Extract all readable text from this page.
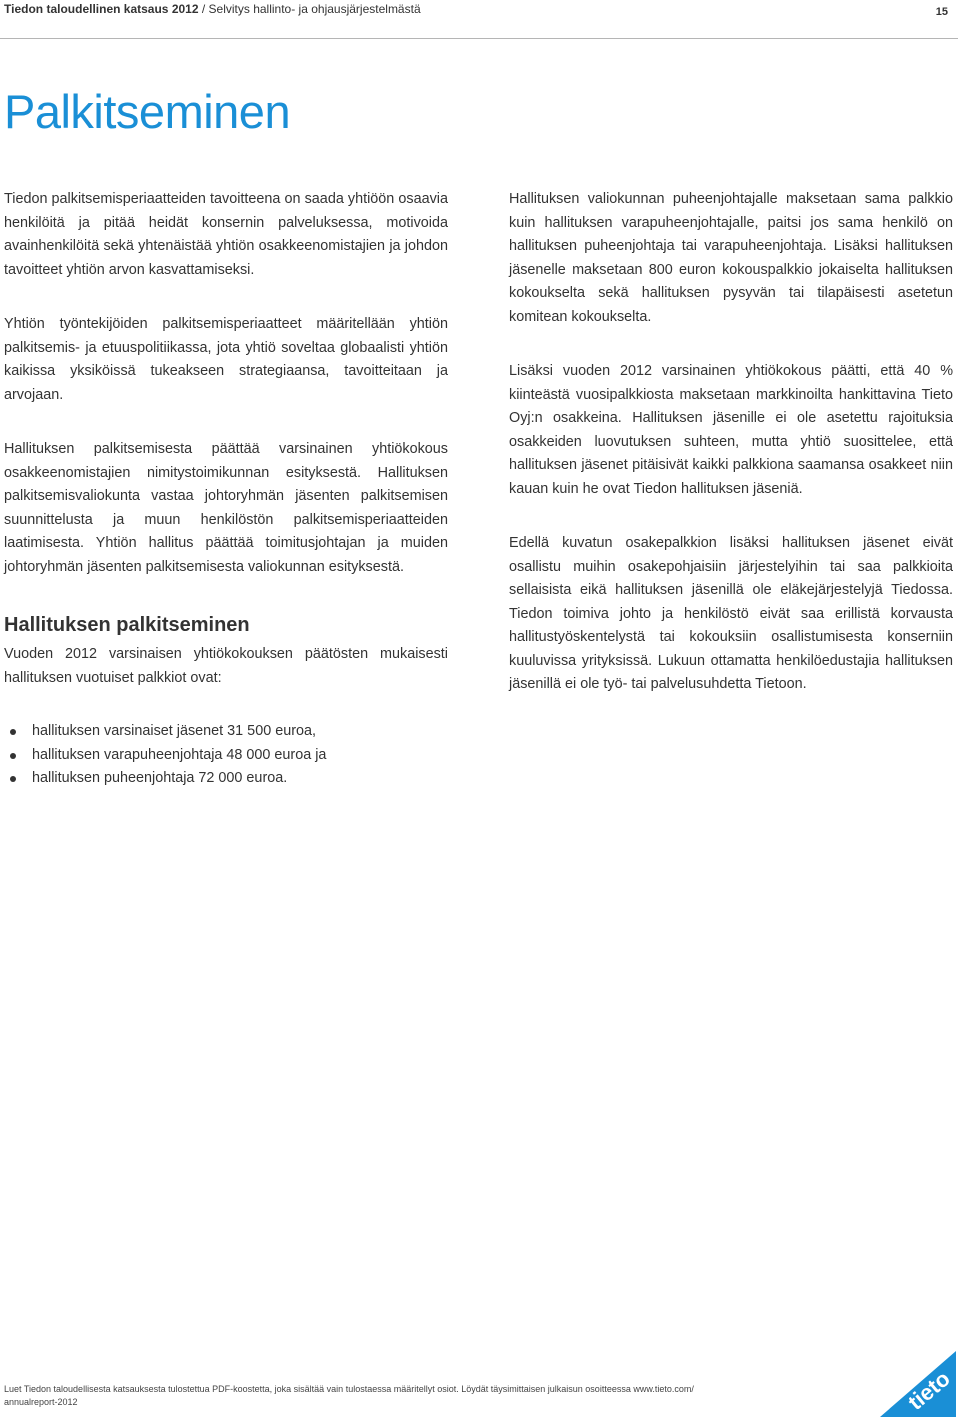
Tiedon taloudellinen katsaus 2012 / Selvitys hallinto- ja ohjausjärjestelmästä	15
Palkitseminen

Tiedon palkitsemisperiaatteiden tavoitteena on saada yhtiöön osaavia henkilöitä ja pitää heidät konsernin palveluksessa, motivoida avainhenkilöitä sekä yhtenäistää yhtiön osakkeenomistajien ja johdon tavoitteet yhtiön arvon kasvattamiseksi.

Yhtiön työntekijöiden palkitsemisperiaatteet määritellään yhtiön palkitsemis- ja etuuspolitiikassa, jota yhtiö soveltaa globaalisti yhtiön kaikissa yksiköissä tukeakseen strategiaansa, tavoitteitaan ja arvojaan.

Hallituksen palkitsemisesta päättää varsinainen yhtiökokous osakkeenomistajien nimitystoimikunnan esityksestä. Hallituksen palkitsemisvaliokunta vastaa johtoryhmän jäsenten palkitsemisen suunnittelusta ja muun henkilöstön palkitsemisperiaatteiden laatimisesta. Yhtiön hallitus päättää toimitusjohtajan ja muiden johtoryhmän jäsenten palkitsemisesta valiokunnan esityksestä.

Hallituksen palkitseminen

Vuoden 2012 varsinaisen yhtiökokouksen päätösten mukaisesti hallituksen vuotuiset palkkiot ovat:

hallituksen varsinaiset jäsenet 31 500 euroa,
hallituksen varapuheenjohtaja 48 000 euroa ja
hallituksen puheenjohtaja 72 000 euroa.

Hallituksen valiokunnan puheenjohtajalle maksetaan sama palkkio kuin hallituksen varapuheenjohtajalle, paitsi jos sama henkilö on hallituksen puheenjohtaja tai varapuheenjohtaja. Lisäksi hallituksen jäsenelle maksetaan 800 euron kokouspalkkio jokaiselta hallituksen kokoukselta sekä hallituksen pysyvän tai tilapäisesti asetetun komitean kokoukselta.

Lisäksi vuoden 2012 varsinainen yhtiökokous päätti, että 40 % kiinteästä vuosipalkkiosta maksetaan markkinoilta hankittavina Tieto Oyj:n osakkeina. Hallituksen jäsenille ei ole asetettu rajoituksia osakkeiden luovutuksen suhteen, mutta yhtiö suosittelee, että hallituksen jäsenet pitäisivät kaikki palkkiona saamansa osakkeet niin kauan kuin he ovat Tiedon hallituksen jäseniä.

Edellä kuvatun osakepalkkion lisäksi hallituksen jäsenet eivät osallistu muihin osakepohjaisiin järjestelyihin tai saa palkkioita sellaisista eikä hallituksen jäsenillä ole eläkejärjestelyjä Tiedossa. Tiedon toimiva johto ja henkilöstö eivät saa erillistä korvausta hallitustyöskentelystä tai kokouksiin osallistumisesta konserniin kuuluvissa yrityksissä. Lukuun ottamatta henkilöedustajia hallituksen jäsenillä ei ole työ- tai palvelusuhdetta Tietoon.

Luet Tiedon taloudellisesta katsauksesta tulostettua PDF-koostetta, joka sisältää vain tulostaessa määritellyt osiot. Löydät täysimittaisen julkaisun osoitteessa www.tieto.com/ annualreport-2012	tieto
